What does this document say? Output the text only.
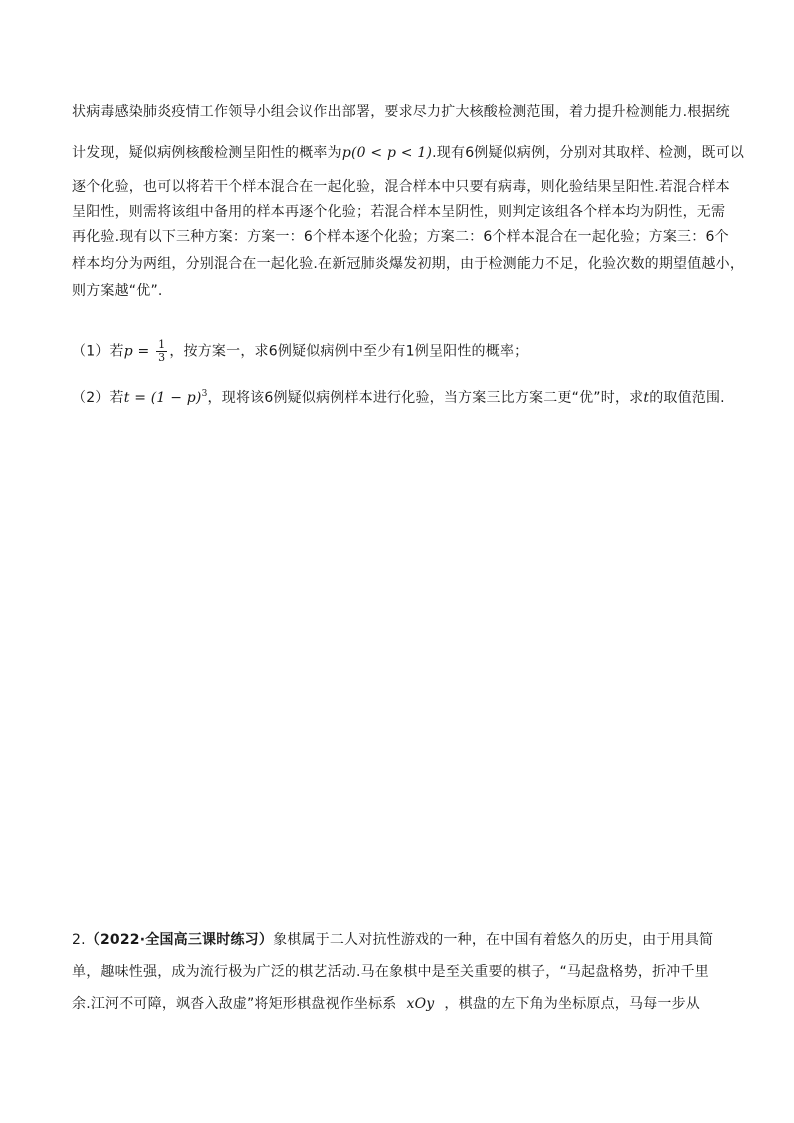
状病毒感染肺炎疫情工作领导小组会议作出部署，要求尽力扩大核酸检测范围，着力提升检测能力.根据统
计发现，疑似病例核酸检测呈阳性的概率为p(0 < p < 1).现有6例疑似病例，分别对其取样、检测，既可以
逐个化验，也可以将若干个样本混合在一起化验，混合样本中只要有病毒，则化验结果呈阳性.若混合样本
呈阳性，则需将该组中备用的样本再逐个化验；若混合样本呈阴性，则判定该组各个样本均为阴性，无需
再化验.现有以下三种方案：方案一：6个样本逐个化验；方案二：6个样本混合在一起化验；方案三：6个
样本均分为两组，分别混合在一起化验.在新冠肺炎爆发初期，由于检测能力不足，化验次数的期望值越小，
则方案越“优”.
（1）若$p = \frac{1}{3}$ ，按方案一，求6例疑似病例中至少有1例呈阳性的概率；
（2）若$t = (1 - p)^3$，现将该6例疑似病例样本进行化验，当方案三比方案二更“优”时，求t的取值范围.
2.（2022·全国高三课时练习）象棋属于二人对抗性游戏的一种，在中国有着悠久的历史，由于用具简
单，趣味性强，成为流行极为广泛的棋艺活动.马在象棋中是至关重要的棋子，“马起盘格势，折冲千里
余.江河不可障，飒沓入敌虚”将矩形棋盘视作坐标系 xOy ，棋盘的左下角为坐标原点，马每一步从
